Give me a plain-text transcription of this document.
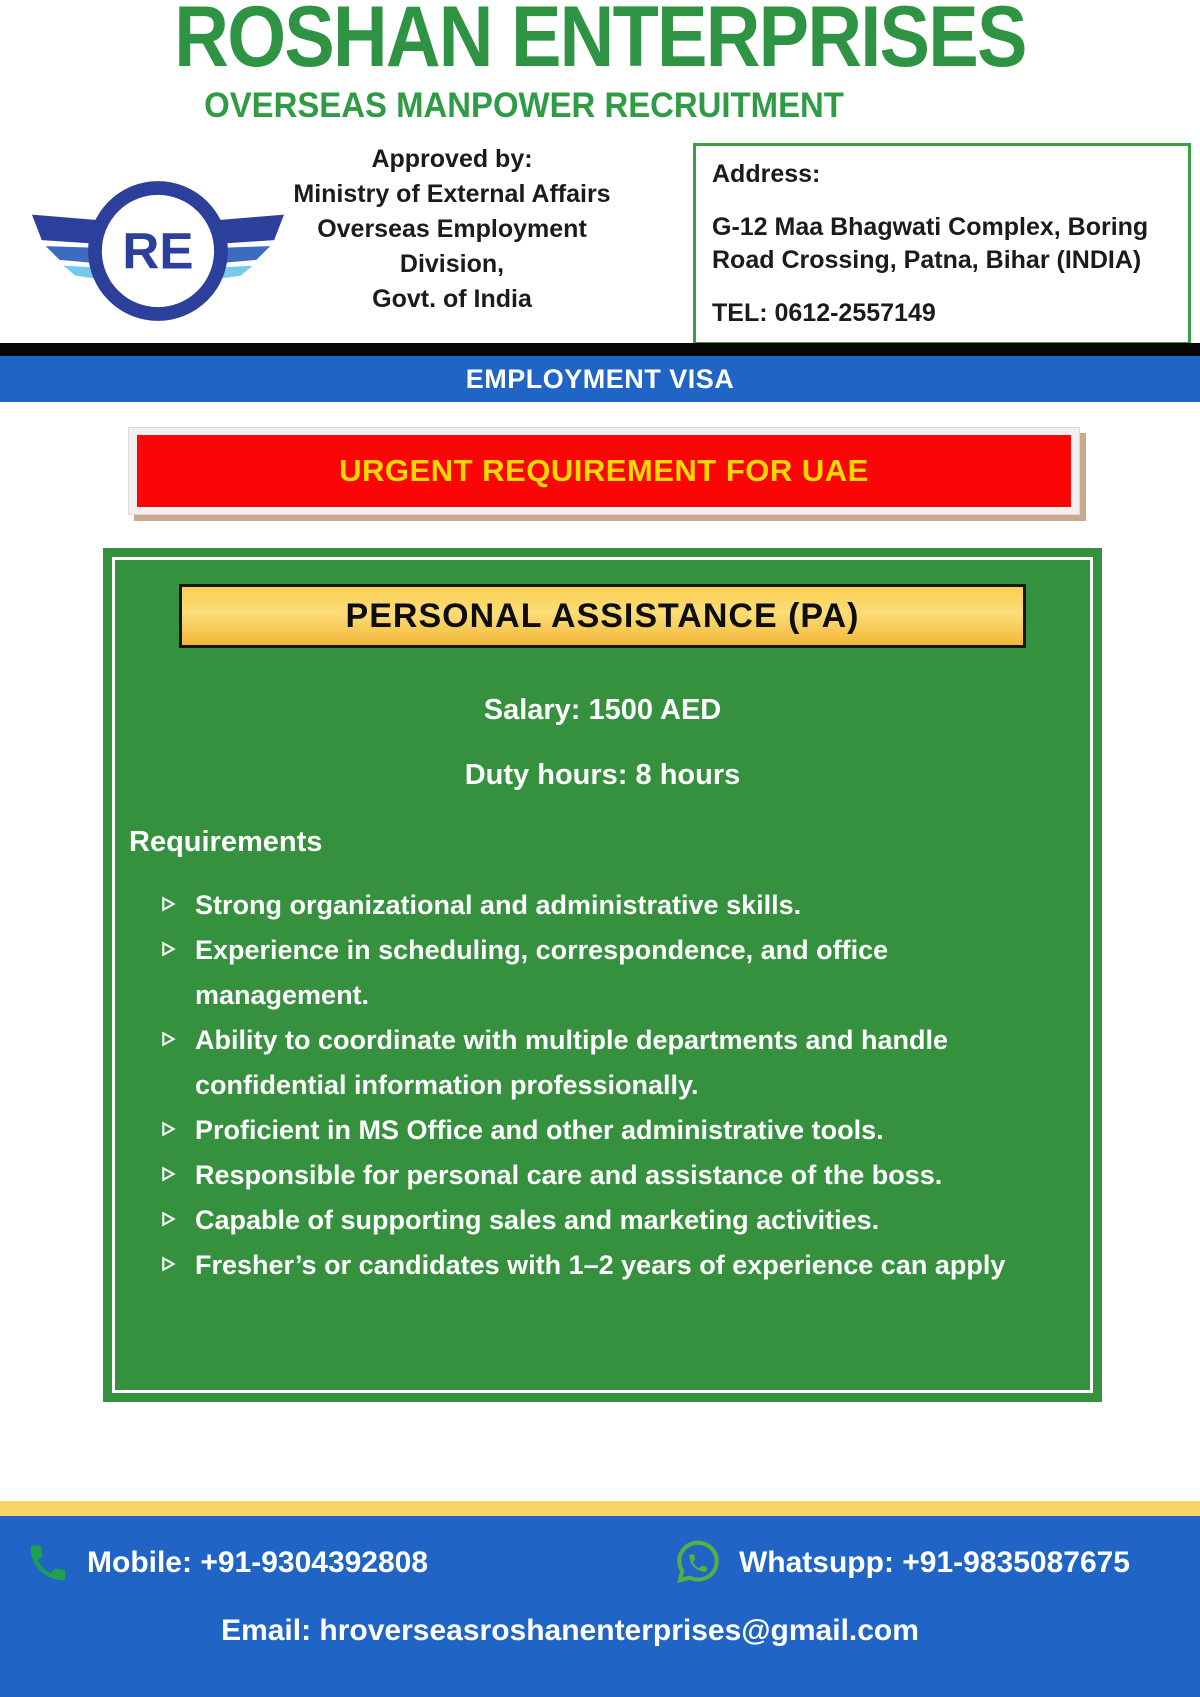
ROSHAN ENTERPRISES
OVERSEAS MANPOWER RECRUITMENT
RE
Approved by:
Ministry of External Affairs
Overseas Employment Division,
Govt. of India
Address:
G-12 Maa Bhagwati Complex, Boring Road Crossing, Patna, Bihar (INDIA)
TEL: 0612-2557149
EMPLOYMENT VISA
URGENT REQUIREMENT FOR UAE
PERSONAL ASSISTANCE (PA)
Salary: 1500 AED
Duty hours: 8 hours
Requirements
Strong organizational and administrative skills.
Experience in scheduling, correspondence, and office management.
Ability to coordinate with multiple departments and handle confidential information professionally.
Proficient in MS Office and other administrative tools.
Responsible for personal care and assistance of the boss.
Capable of supporting sales and marketing activities.
Fresher’s or candidates with 1–2 years of experience can apply
Mobile: +91-9304392808	Whatsupp: +91-9835087675
Email: hroverseasroshanenterprises@gmail.com
